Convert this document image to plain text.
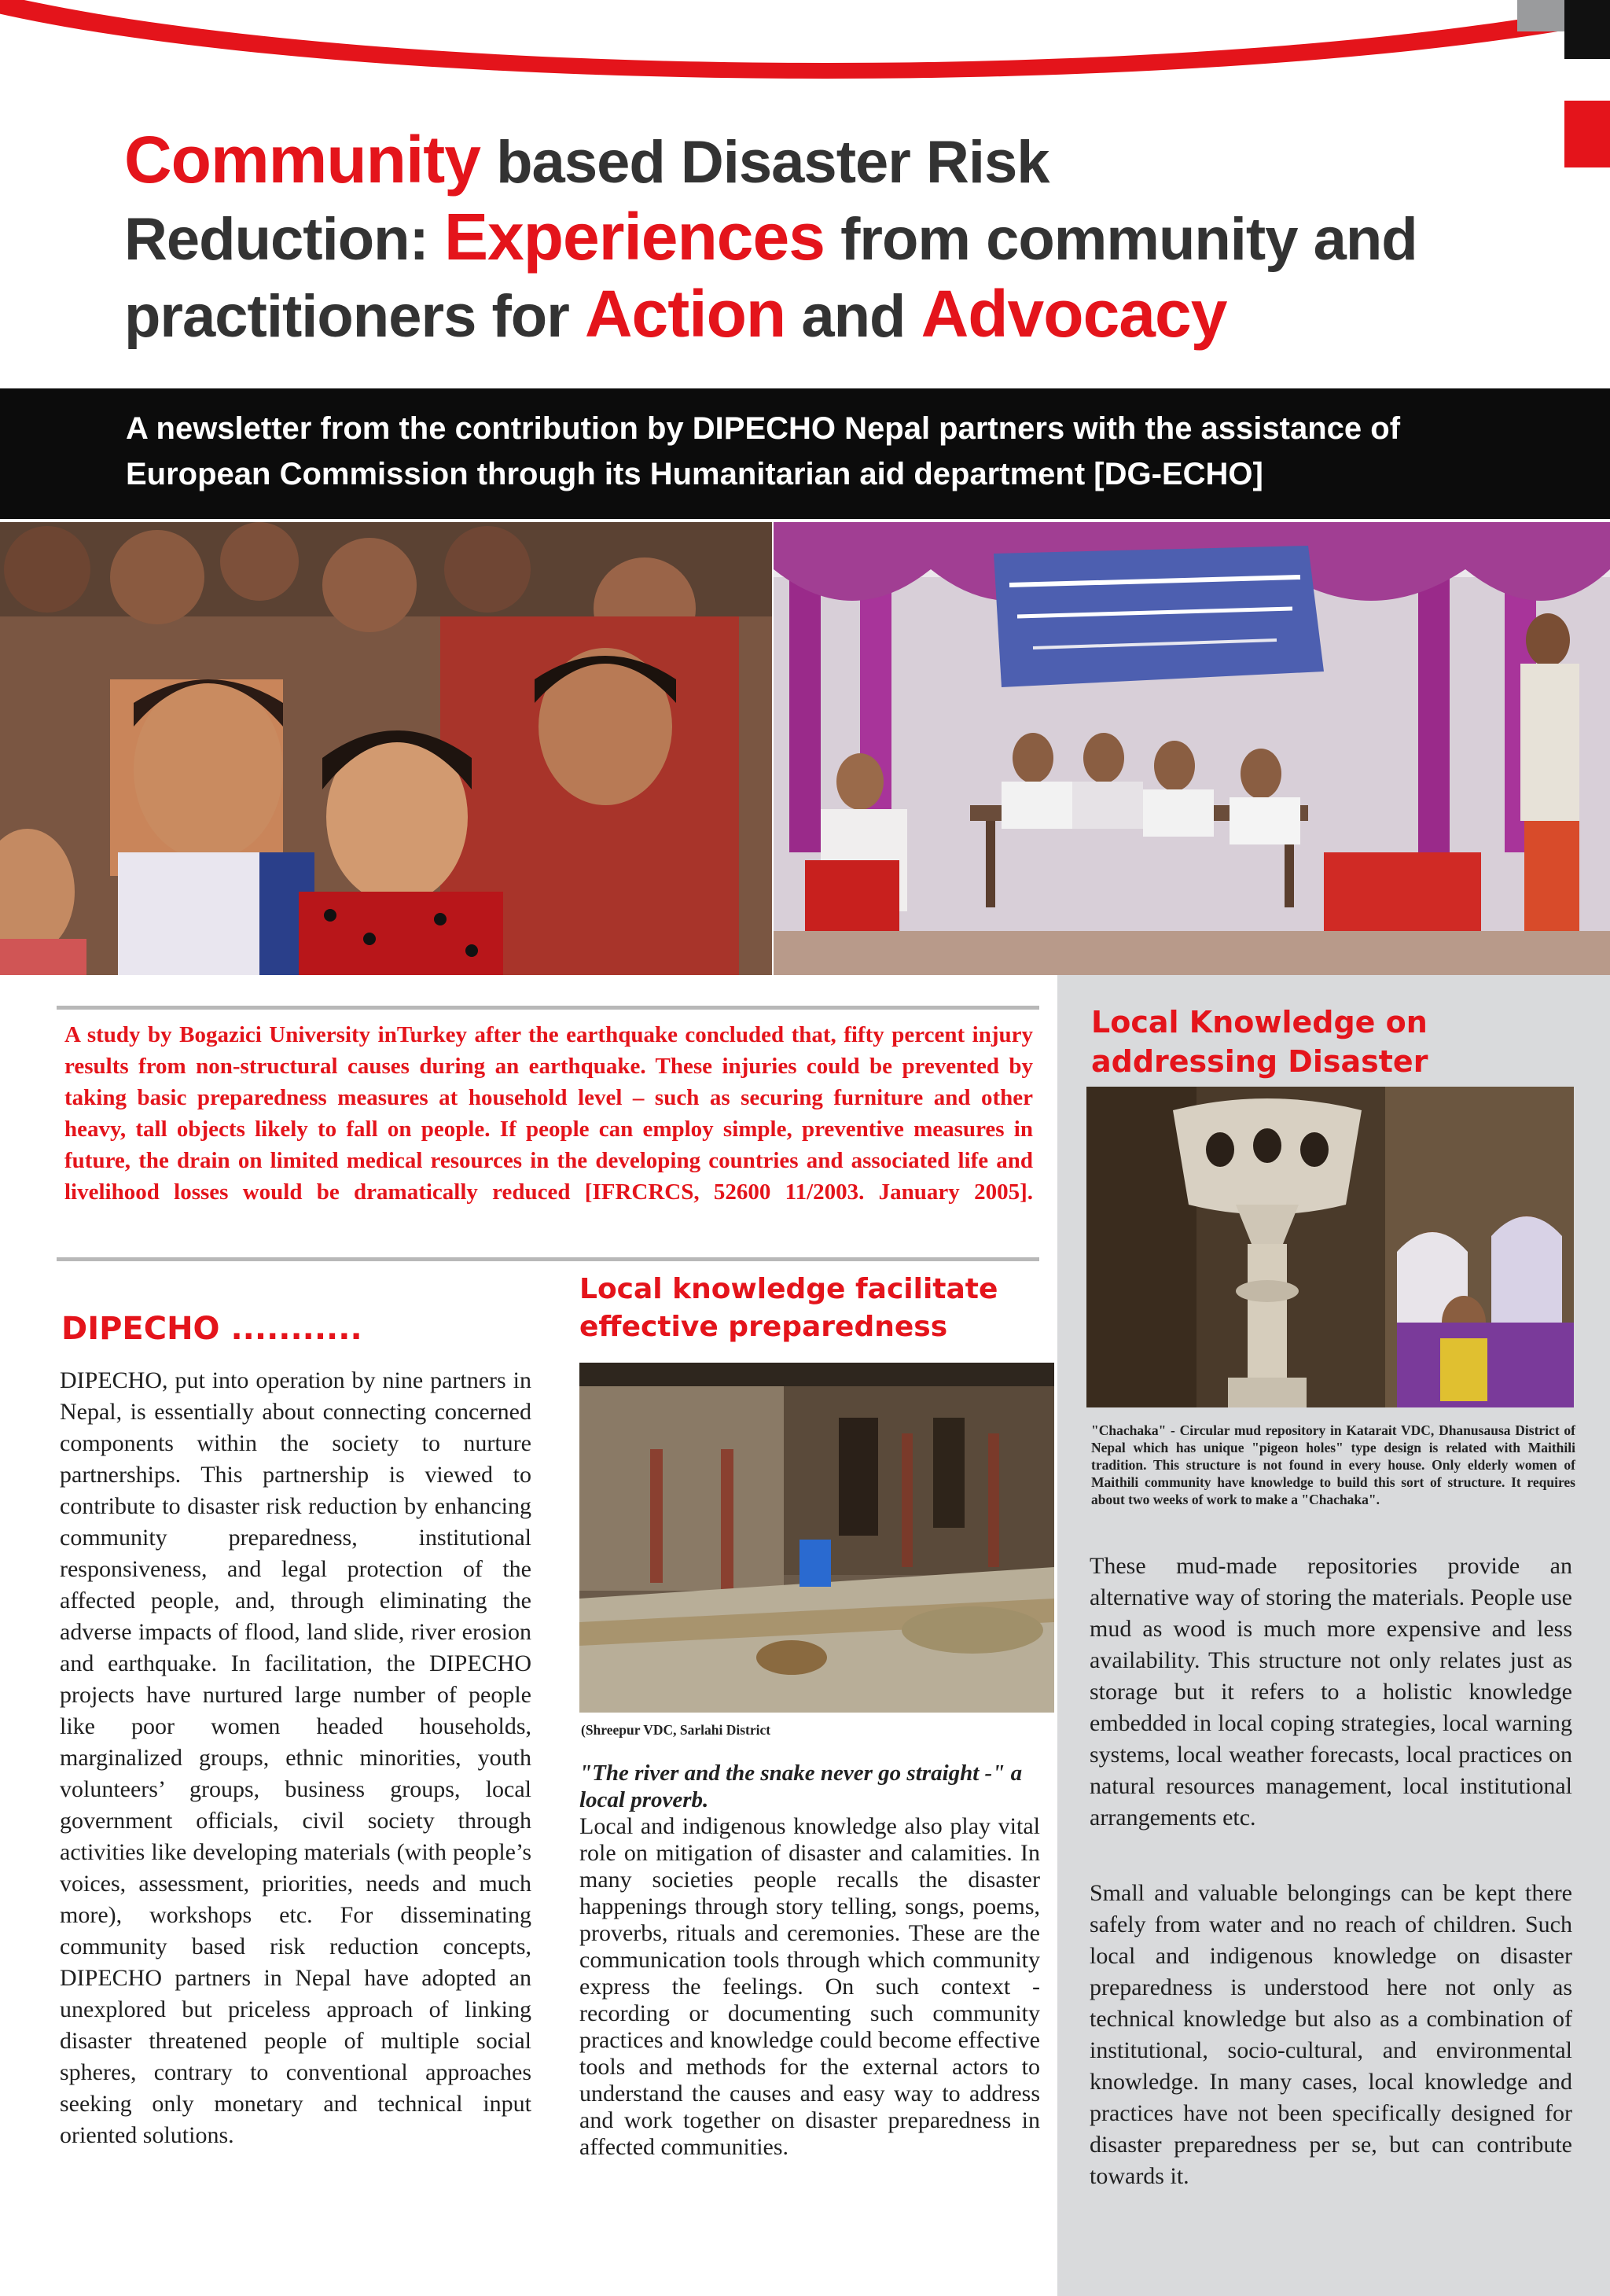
Community based Disaster Risk
Reduction: Experiences from community and
practitioners for Action and Advocacy
A newsletter from the contribution by DIPECHO Nepal partners with the assistance of European Commission through its Humanitarian aid department [DG-ECHO]
A study by Bogazici University inTurkey after the earthquake concluded that, fifty percent injury results from non-structural causes during an earthquake. These injuries could be prevented by taking basic preparedness measures at household level – such as securing furniture and other heavy, tall objects likely to fall on people. If people can employ simple, preventive measures in future, the drain on limited medical resources in the developing countries and associated life and livelihood losses would be dramatically reduced [IFRCRCS, 52600 11/2003. January 2005].
DIPECHO ...........

DIPECHO, put into operation by nine partners in Nepal, is essentially about connecting concerned components within the society to nurture partnerships. This partnership is viewed to contribute to disaster risk reduction by enhancing community preparedness, institutional responsiveness, and legal protection of the affected people, and, through eliminating the adverse impacts of flood, land slide, river erosion and earthquake. In facilitation, the DIPECHO projects have nurtured large number of people like poor women headed households, marginalized groups, ethnic minorities, youth volunteers’ groups, business groups, local government officials, civil society through activities like developing materials (with people’s voices, assessment, priorities, needs and much more), workshops etc. For disseminating community based risk reduction concepts, DIPECHO partners in Nepal have adopted an unexplored but priceless approach of linking disaster threatened people of multiple social spheres, contrary to conventional approaches seeking only monetary and technical input oriented solutions.

Local knowledge facilitate effective preparedness
(Shreepur VDC, Sarlahi District
"The river and the snake never go straight -" a local proverb.

Local and indigenous knowledge also play vital role on mitigation of disaster and calamities. In many societies people recalls the disaster happenings through story telling, songs, poems, proverbs, rituals and ceremonies. These are the communication tools through which community express the feelings. On such context - recording or documenting such community practices and knowledge could become effective tools and methods for the external actors to understand the causes and easy way to address and work together on disaster preparedness in affected communities.

Local Knowledge on addressing Disaster
"Chachaka" - Circular mud repository in Katarait VDC, Dhanusausa District of Nepal which has unique "pigeon holes" type design is related with Maithili tradition. This structure is not found in every house. Only elderly women of Maithili community have knowledge to build this sort of structure. It requires about two weeks of work to make a "Chachaka".

These mud-made repositories provide an alternative way of storing the materials. People use mud as wood is much more expensive and less availability. This structure not only relates just as storage but it refers to a holistic knowledge embedded in local coping strategies, local warning systems, local weather forecasts, local practices on natural resources management, local institutional arrangements etc.

Small and valuable belongings can be kept there safely from water and no reach of children. Such local and indigenous knowledge on disaster preparedness is understood here not only as technical knowledge but also as a combination of institutional, socio-cultural, and environmental knowledge. In many cases, local knowledge and practices have not been specifically designed for disaster preparedness per se, but can contribute towards it.
